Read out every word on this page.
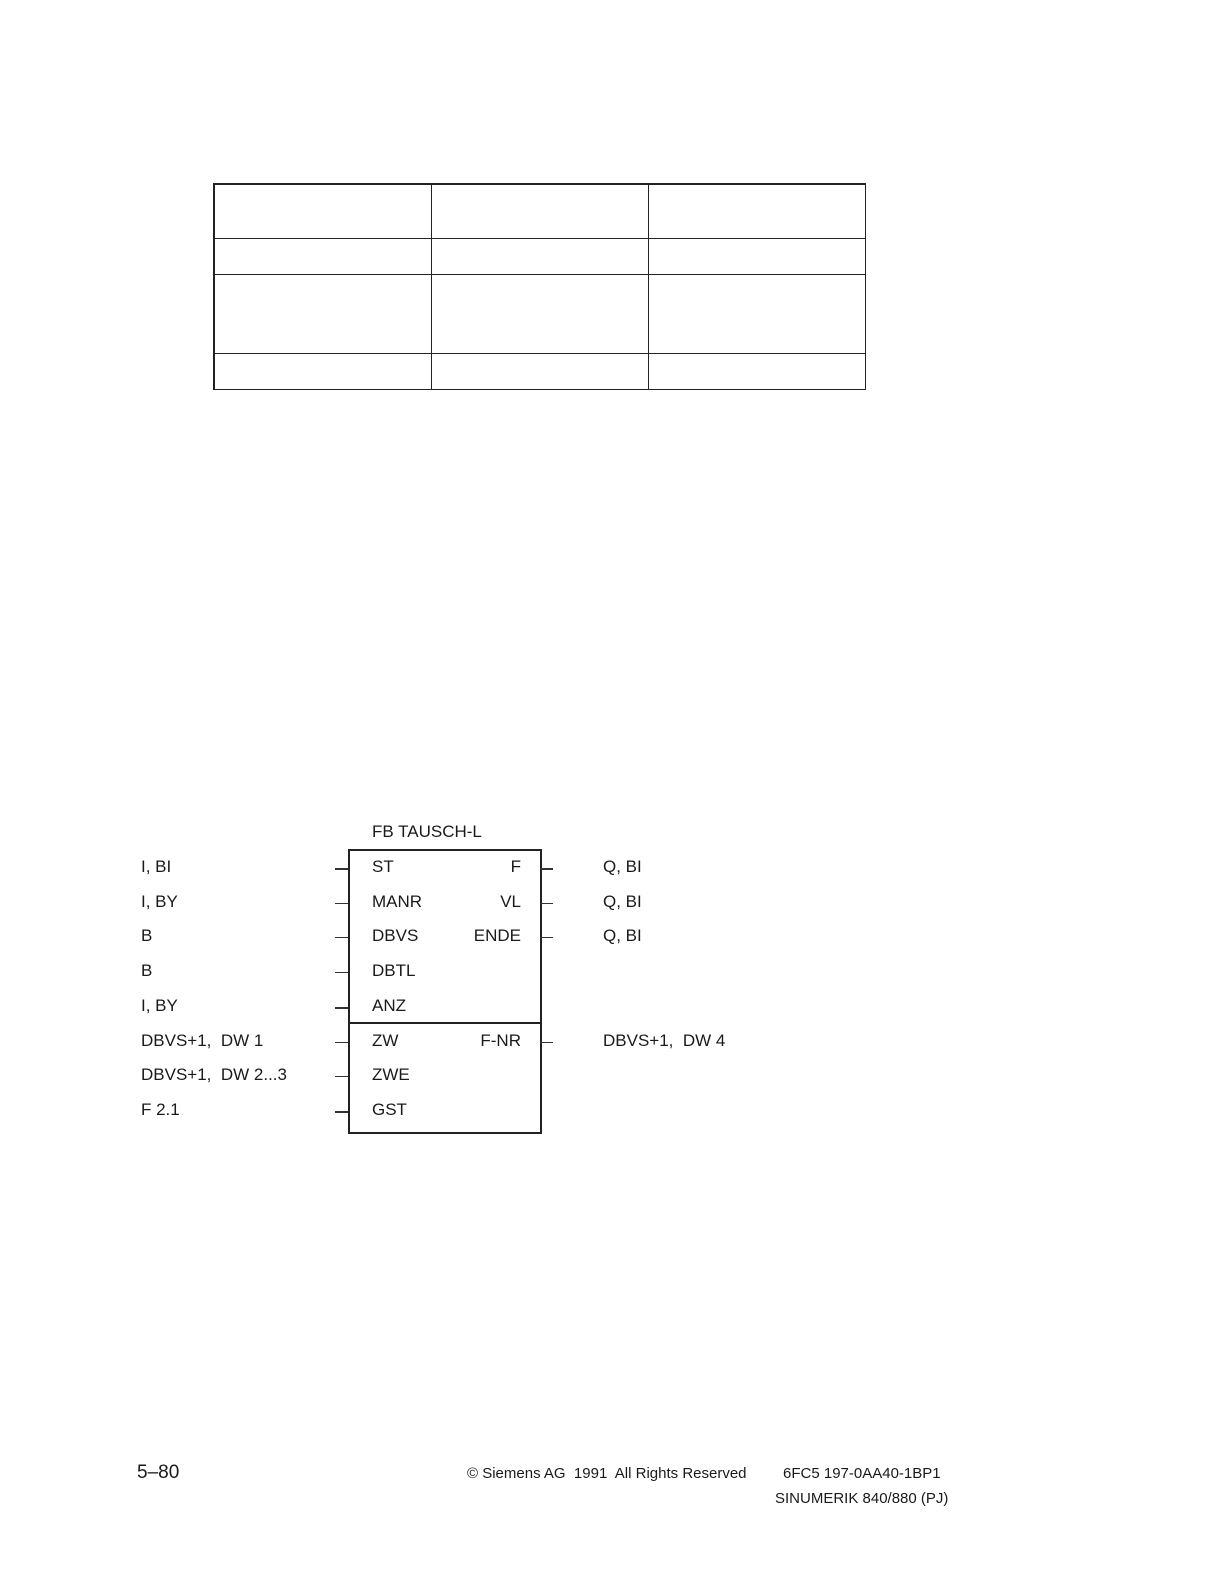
FB TAUSCH-L
I, BI	ST	F	Q, BI
I, BY	MANR	VL	Q, BI
B	DBVS	ENDE	Q, BI
B	DBTL
I, BY	ANZ
DBVS+1,  DW 1	ZW	F-NR	DBVS+1,  DW 4
DBVS+1,  DW 2...3	ZWE
F 2.1	GST
5–80	© Siemens AG  1991  All Rights Reserved 6FC5 197-0AA40-1BP1
SINUMERIK 840/880 (PJ)
